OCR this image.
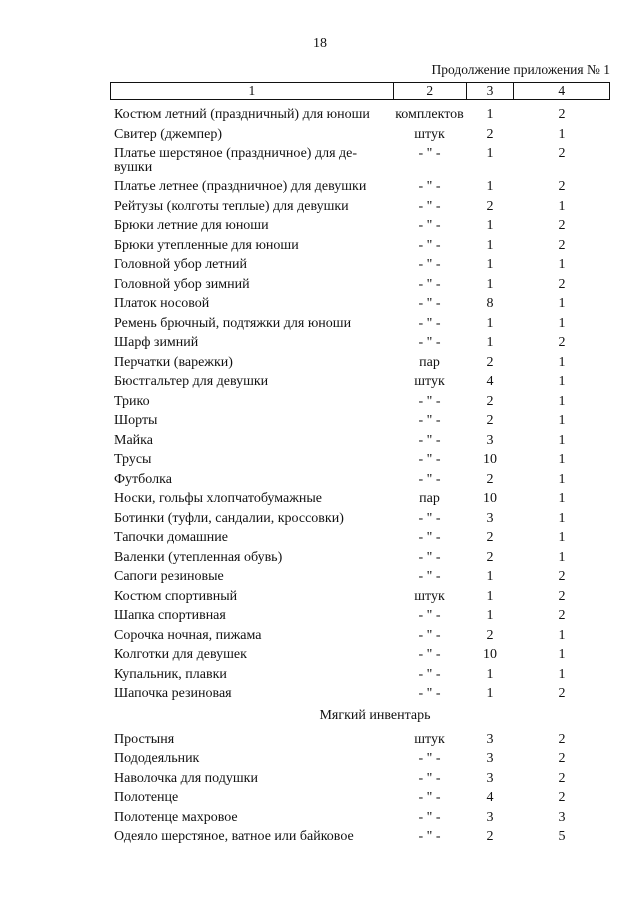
18
Продолжение приложения № 1
1	2	3	4
Костюм летний (праздничный) для юноши	комплектов	1	2
Свитер (джемпер)	штук	2	1
Платье шерстяное (праздничное) для де-
вушки
- " -	1	2
Платье летнее (праздничное) для девушки	- " -	1	2
Рейтузы (колготы теплые) для девушки	- " -	2	1
Брюки летние для юноши	- " -	1	2
Брюки утепленные для юноши	- " -	1	2
Головной убор летний	- " -	1	1
Головной убор зимний	- " -	1	2
Платок носовой	- " -	8	1
Ремень брючный, подтяжки для юноши	- " -	1	1
Шарф зимний	- " -	1	2
Перчатки (варежки)	пар	2	1
Бюстгальтер для девушки	штук	4	1
Трико	- " -	2	1
Шорты	- " -	2	1
Майка	- " -	3	1
Трусы	- " -	10	1
Футболка	- " -	2	1
Носки, гольфы хлопчатобумажные	пар	10	1
Ботинки (туфли, сандалии, кроссовки)	- " -	3	1
Тапочки домашние	- " -	2	1
Валенки (утепленная обувь)	- " -	2	1
Сапоги резиновые	- " -	1	2
Костюм спортивный	штук	1	2
Шапка спортивная	- " -	1	2
Сорочка ночная, пижама	- " -	2	1
Колготки для девушек	- " -	10	1
Купальник, плавки	- " -	1	1
Шапочка резиновая	- " -	1	2
Мягкий инвентарь
Простыня	штук	3	2
Пододеяльник	- " -	3	2
Наволочка для подушки	- " -	3	2
Полотенце	- " -	4	2
Полотенце махровое	- " -	3	3
Одеяло шерстяное, ватное или байковое	- " -	2	5
